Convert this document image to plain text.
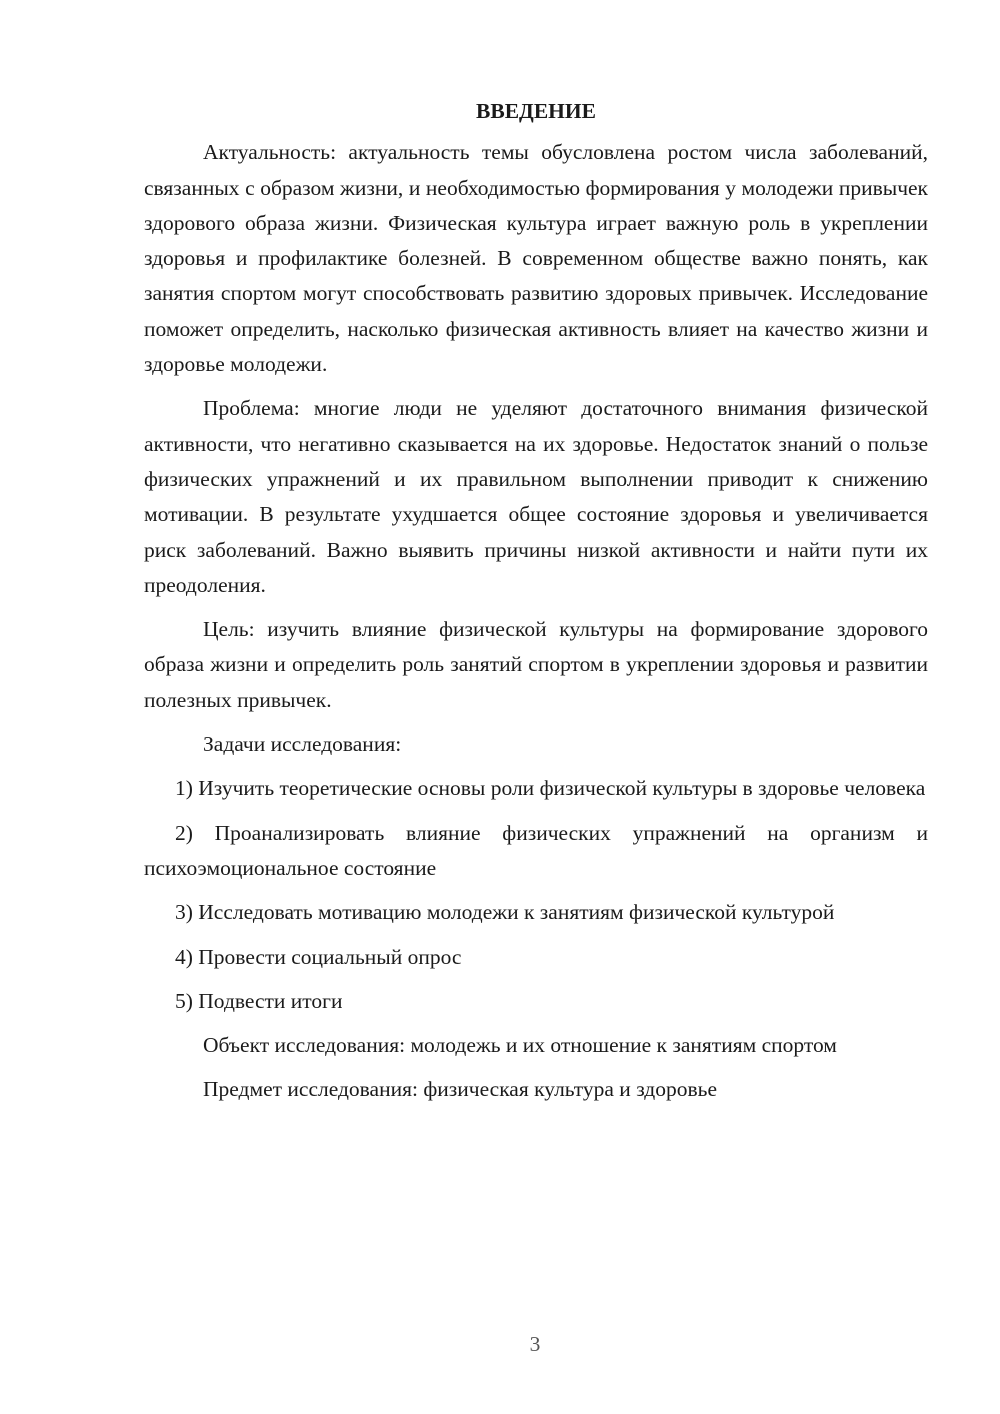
ВВЕДЕНИЕ

Актуальность: актуальность темы обусловлена ростом числа заболеваний, связанных с образом жизни, и необходимостью формирования у молодежи привычек здорового образа жизни. Физическая культура играет важную роль в укреплении здоровья и профилактике болезней. В современном обществе важно понять, как занятия спортом могут способствовать развитию здоровых привычек. Исследование поможет определить, насколько физическая активность влияет на качество жизни и здоровье молодежи.

Проблема: многие люди не уделяют достаточного внимания физической активности, что негативно сказывается на их здоровье. Недостаток знаний о пользе физических упражнений и их правильном выполнении приводит к снижению мотивации. В результате ухудшается общее состояние здоровья и увеличивается риск заболеваний. Важно выявить причины низкой активности и найти пути их преодоления.

Цель: изучить влияние физической культуры на формирование здорового образа жизни и определить роль занятий спортом в укреплении здоровья и развитии полезных привычек.

Задачи исследования:

1) Изучить теоретические основы роли физической культуры в здоровье человека

2) Проанализировать влияние физических упражнений на организм и психоэмоциональное состояние

3) Исследовать мотивацию молодежи к занятиям физической культурой

4) Провести социальный опрос

5) Подвести итоги

Объект исследования: молодежь и их отношение к занятиям спортом

Предмет исследования: физическая культура и здоровье

3
